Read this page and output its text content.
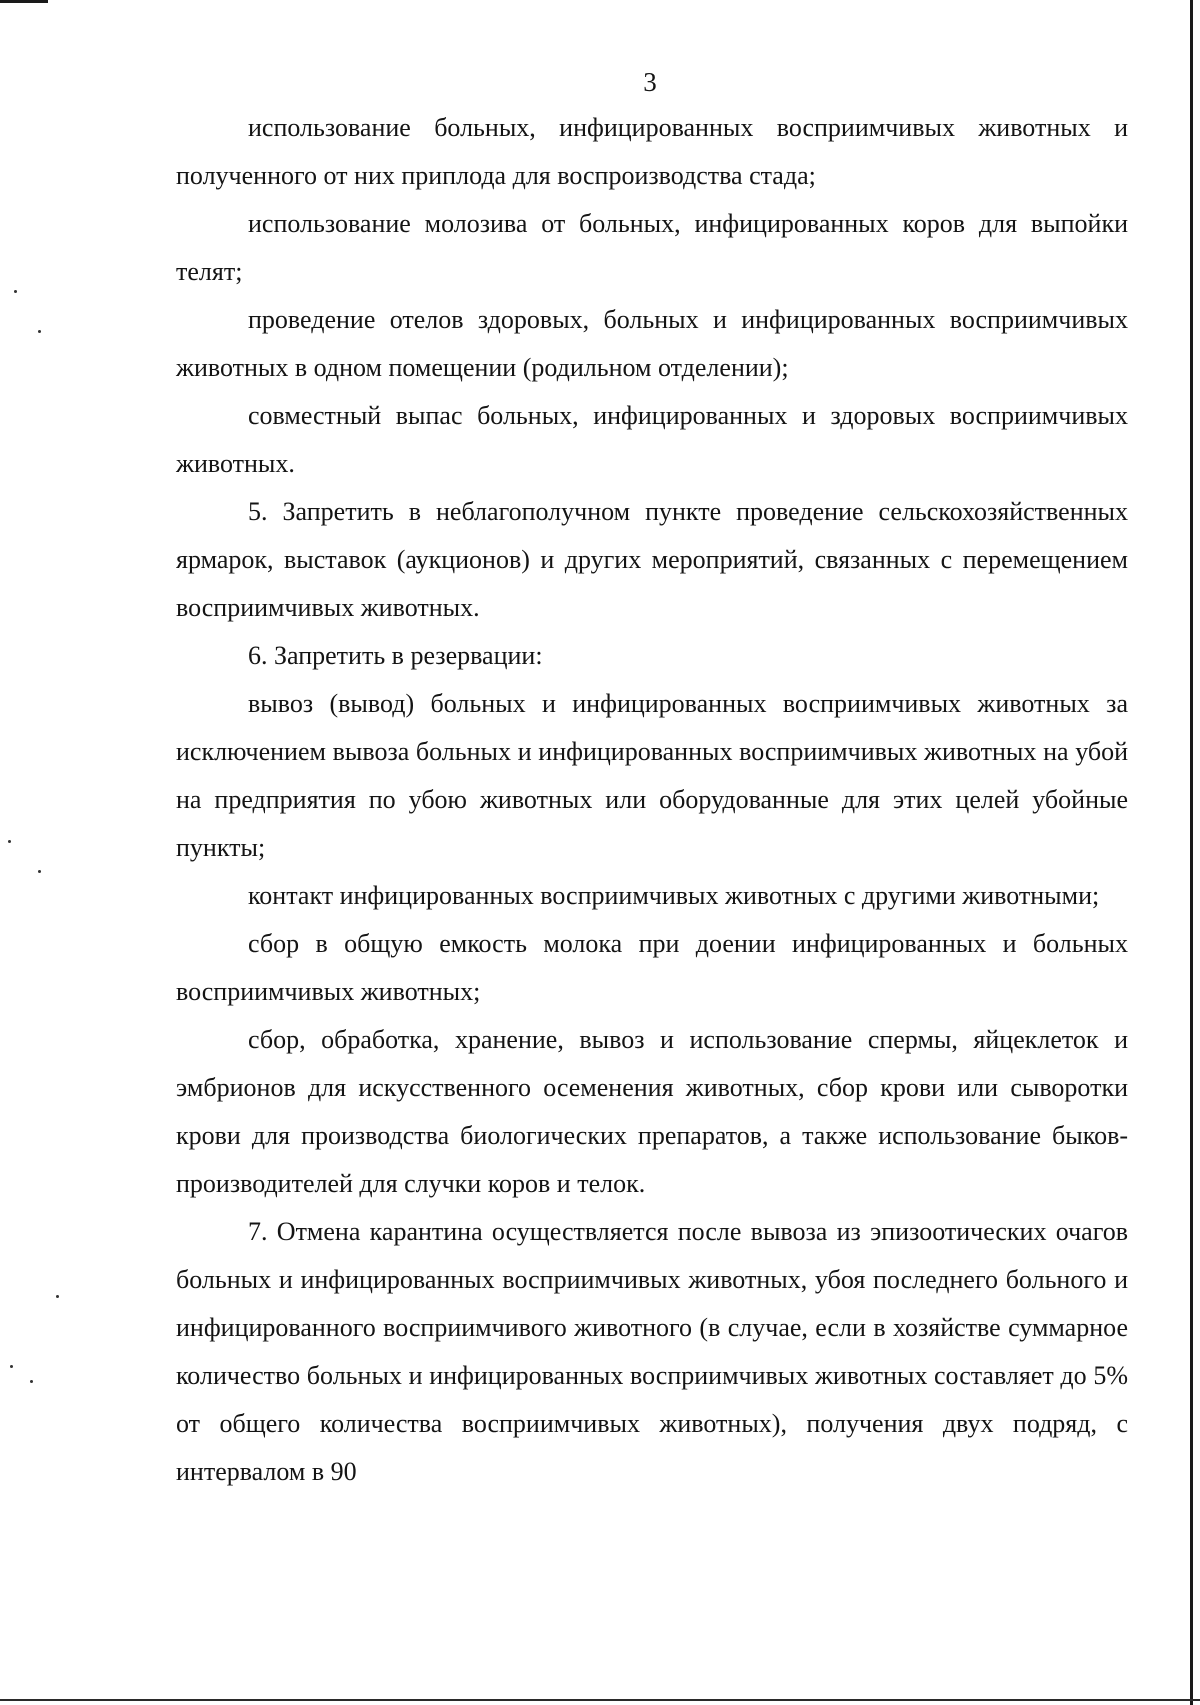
3

использование больных, инфицированных восприимчивых животных и полученного от них приплода для воспроизводства стада;

использование молозива от больных, инфицированных коров для выпойки телят;

проведение отелов здоровых, больных и инфицированных восприимчивых животных в одном помещении (родильном отделении);

совместный выпас больных, инфицированных и здоровых восприимчивых животных.

5. Запретить в неблагополучном пункте проведение сельскохозяйственных ярмарок, выставок (аукционов) и других мероприятий, связанных с перемещением восприимчивых животных.

6. Запретить в резервации:

вывоз (вывод) больных и инфицированных восприимчивых животных за исключением вывоза больных и инфицированных восприимчивых животных на убой на предприятия по убою животных или оборудованные для этих целей убойные пункты;

контакт инфицированных восприимчивых животных с другими животными;

сбор в общую емкость молока при доении инфицированных и больных восприимчивых животных;

сбор, обработка, хранение, вывоз и использование спермы, яйцеклеток и эмбрионов для искусственного осеменения животных, сбор крови или сыворотки крови для производства биологических препаратов, а также использование быков-производителей для случки коров и телок.

7. Отмена карантина осуществляется после вывоза из эпизоотических очагов больных и инфицированных восприимчивых животных, убоя последнего больного и инфицированного восприимчивого животного (в случае, если в хозяйстве суммарное количество больных и инфицированных восприимчивых животных составляет до 5% от общего количества восприимчивых животных), получения двух подряд, с интервалом в 90
